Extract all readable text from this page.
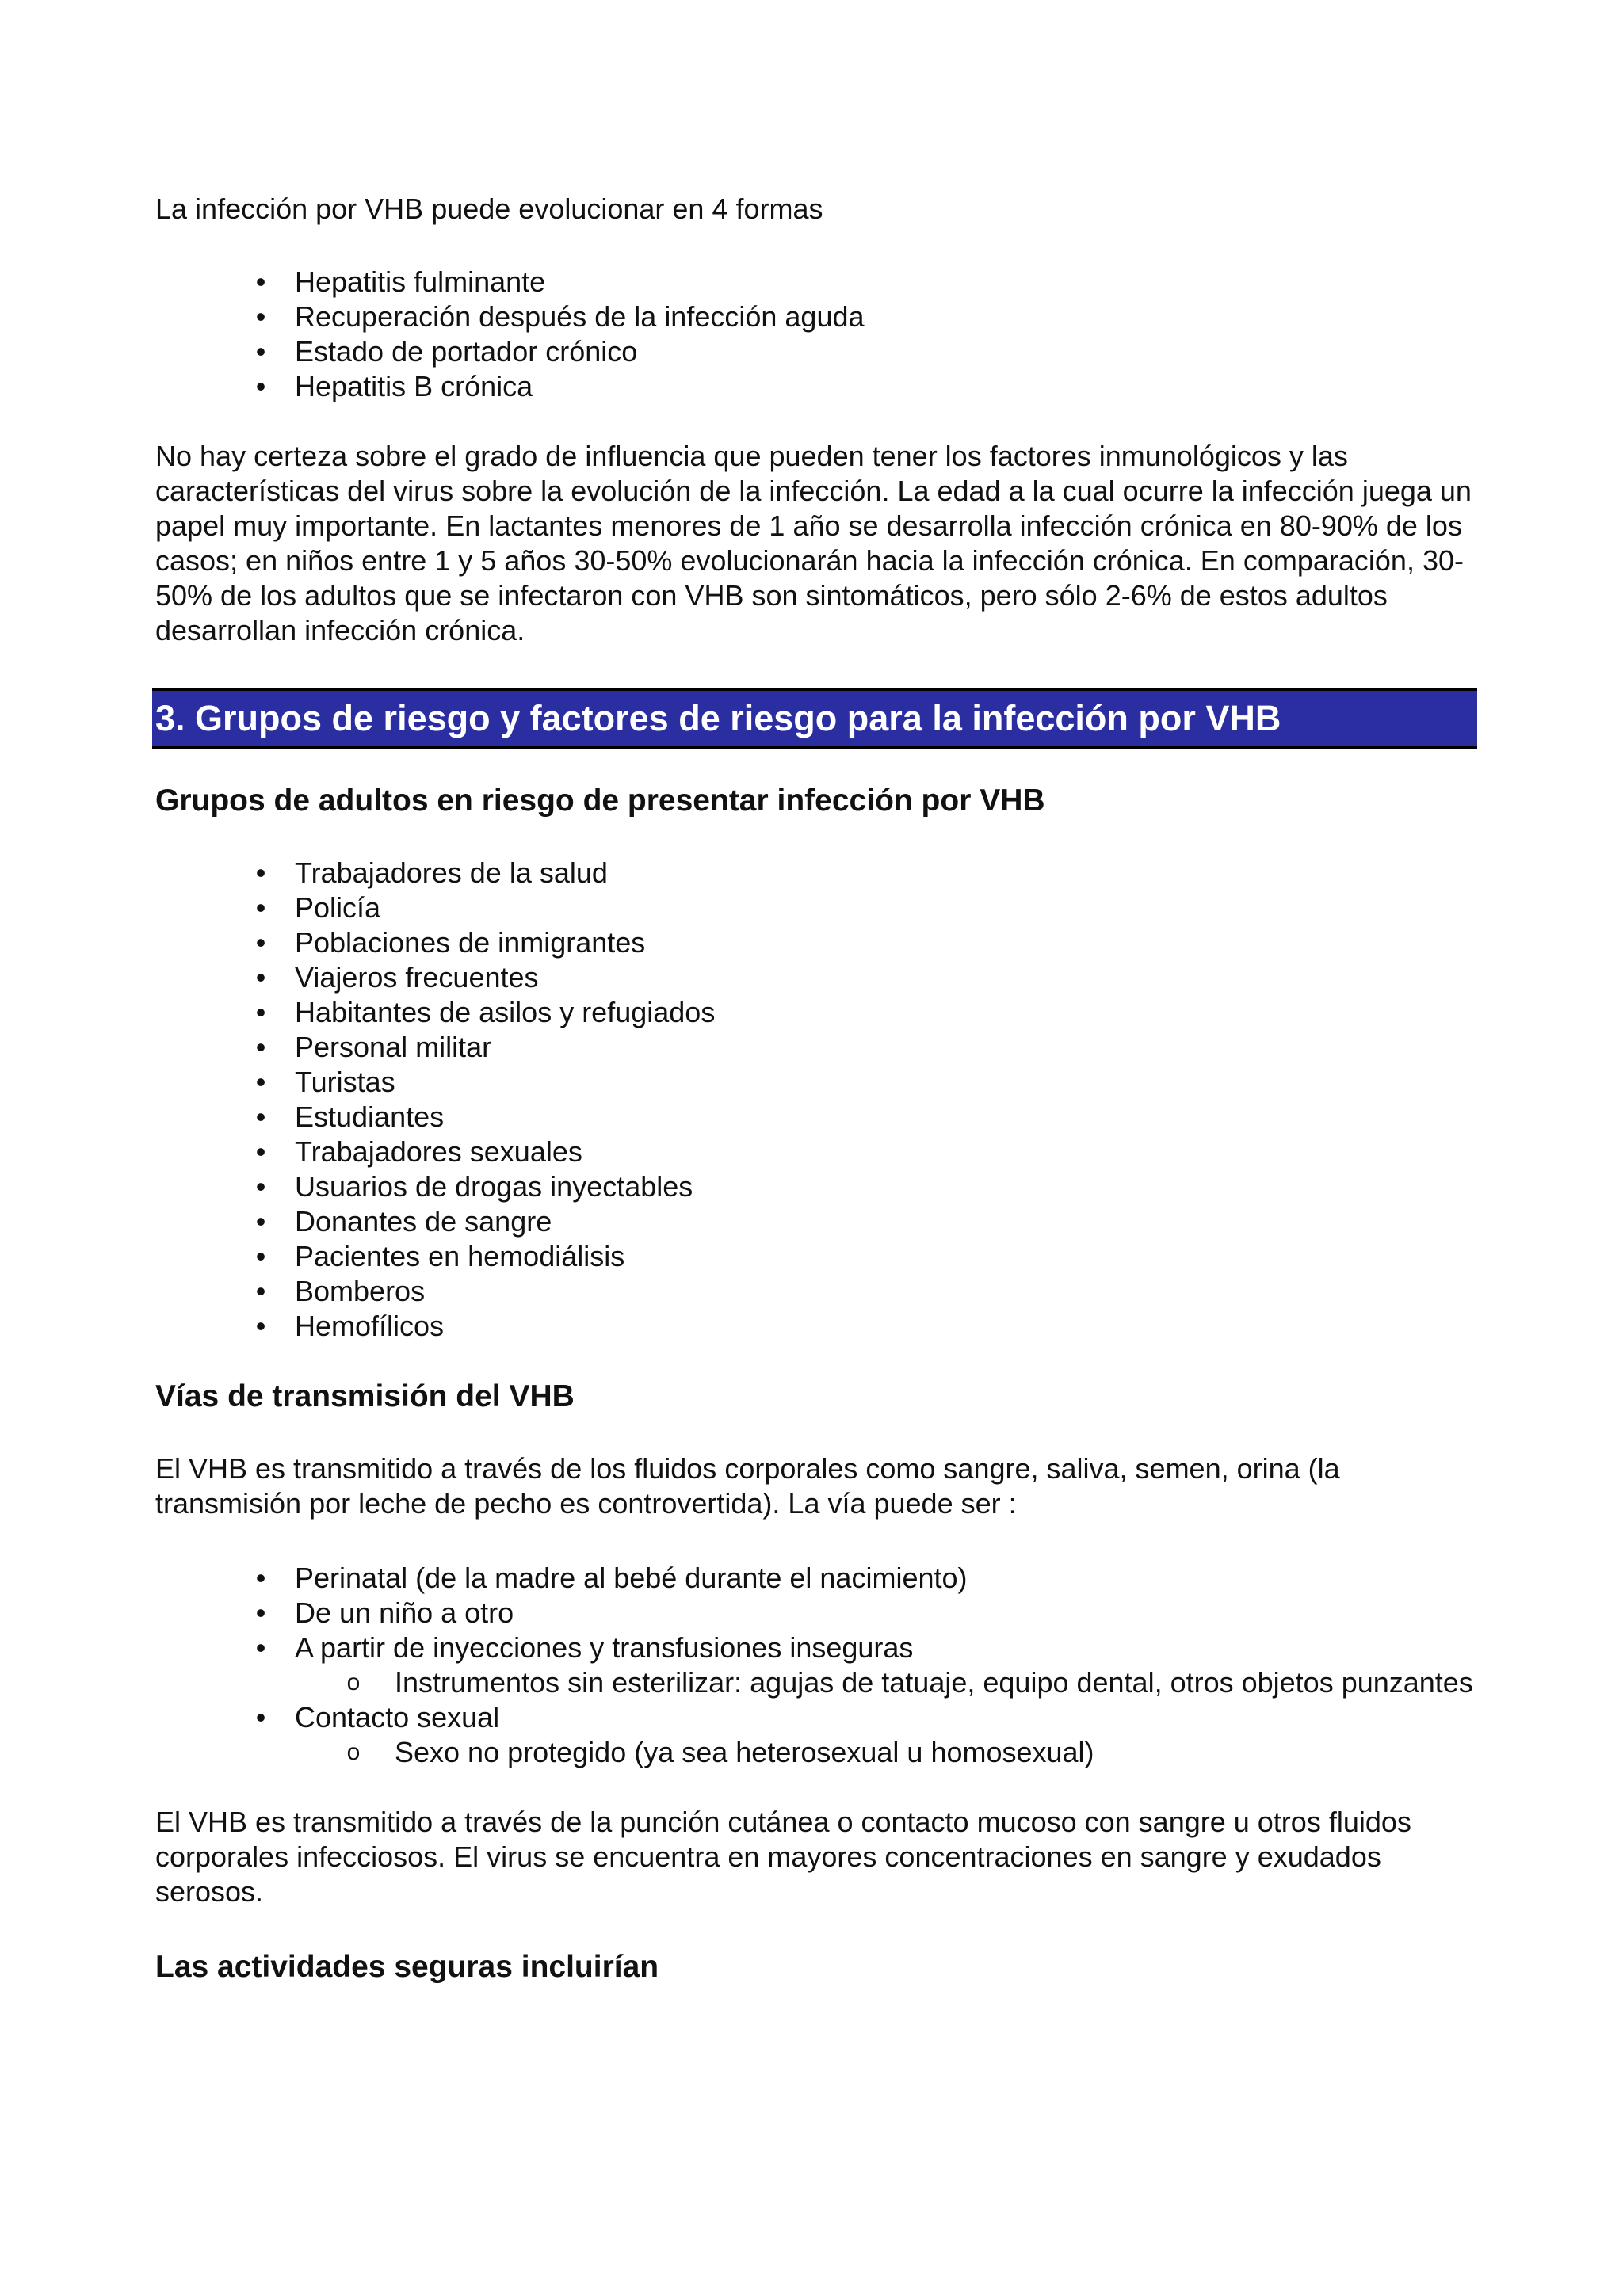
La infección por VHB puede evolucionar en 4 formas

•	Hepatitis fulminante
•	Recuperación después de la infección aguda
•	Estado de portador crónico
•	Hepatitis B crónica

No hay certeza sobre el grado de influencia que pueden tener los factores inmunológicos y las características del virus sobre la evolución de la infección. La edad a la cual ocurre la infección juega un papel muy importante. En lactantes menores de 1 año se desarrolla infección crónica en 80-90% de los casos; en niños entre 1 y 5 años 30-50% evolucionarán hacia la infección crónica. En comparación, 30-50% de los adultos que se infectaron con VHB son sintomáticos, pero sólo 2-6% de estos adultos desarrollan infección crónica.

3. Grupos de riesgo y factores de riesgo para la infección por VHB
Grupos de adultos en riesgo de presentar infección por VHB
•	Trabajadores de la salud
•	Policía
•	Poblaciones de inmigrantes
•	Viajeros frecuentes
•	Habitantes de asilos y refugiados
•	Personal militar
•	Turistas
•	Estudiantes
•	Trabajadores sexuales
•	Usuarios de drogas inyectables
•	Donantes de sangre
•	Pacientes en hemodiálisis
•	Bomberos
•	Hemofílicos
Vías de transmisión del VHB

El VHB es transmitido a través de los fluidos corporales como sangre, saliva, semen, orina (la transmisión por leche de pecho es controvertida). La vía puede ser :

•	Perinatal (de la madre al bebé durante el nacimiento)
•	De un niño a otro
•	A partir de inyecciones y transfusiones inseguras
o	Instrumentos sin esterilizar: agujas de tatuaje, equipo dental, otros objetos punzantes
•	Contacto sexual
o	Sexo no protegido (ya sea heterosexual u homosexual)

El VHB es transmitido a través de la punción cutánea o contacto mucoso con sangre u otros fluidos corporales infecciosos. El virus se encuentra en mayores concentraciones en sangre y exudados serosos.

Las actividades seguras incluirían
